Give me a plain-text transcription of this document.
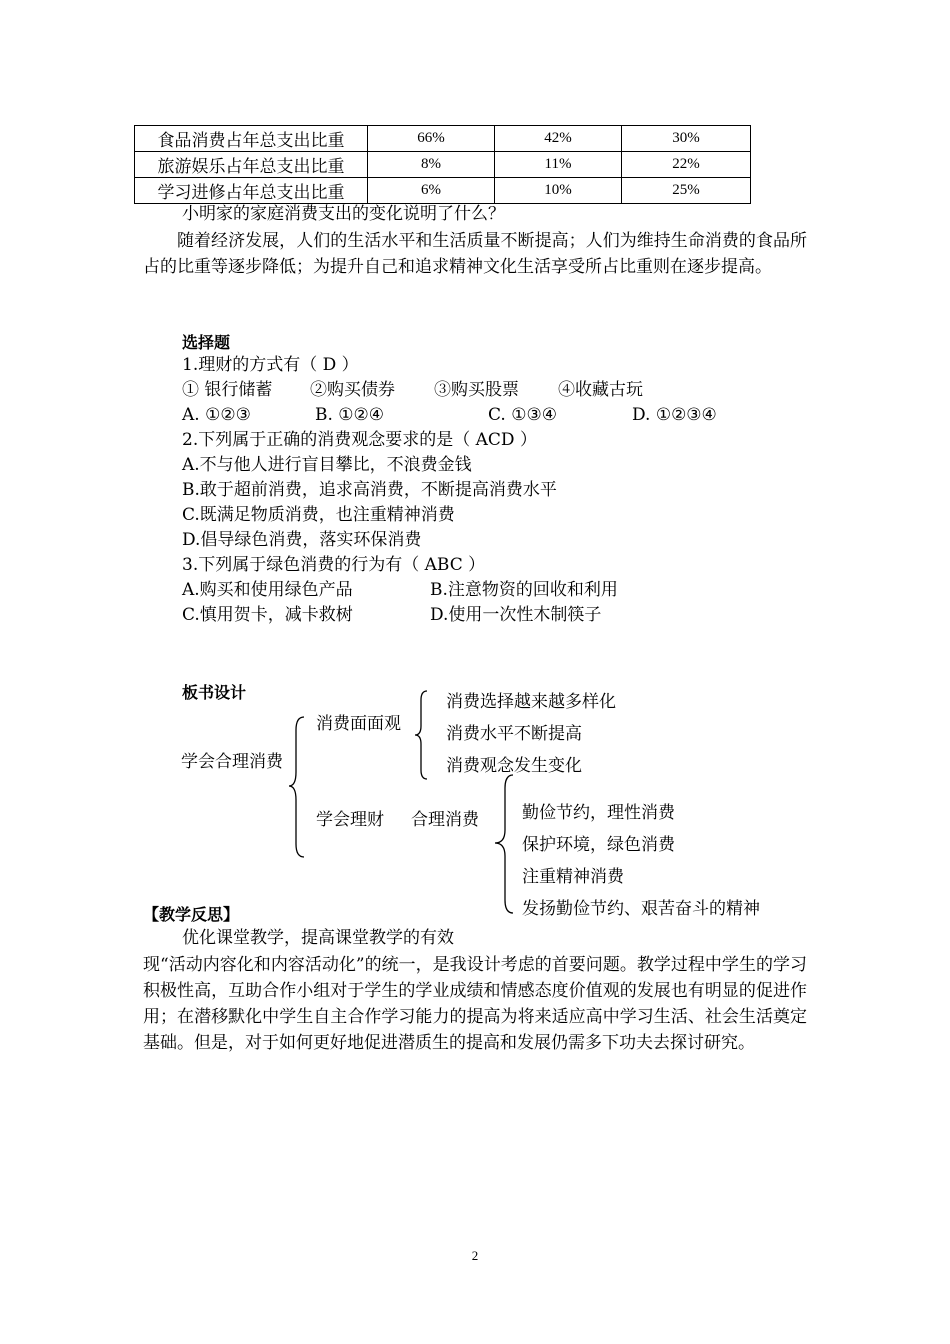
食品消费占年总支出比重	66%	42%	30%
旅游娱乐占年总支出比重	8%	11%	22%
学习进修占年总支出比重	6%	10%	25%
小明家的家庭消费支出的变化说明了什么？
随着经济发展，人们的生活水平和生活质量不断提高；人们为维持生命消费的食品所占的比重等逐步降低；为提升自己和追求精神文化生活享受所占比重则在逐步提高。
选择题
1.理财的方式有（ D ）
① 银行储蓄 ②购买债券 ③购买股票 ④收藏古玩
A. ①②③	B. ①②④	C. ①③④	D. ①②③④
2.下列属于正确的消费观念要求的是（ ACD ）
A.不与他人进行盲目攀比，不浪费金钱
B.敢于超前消费，追求高消费，不断提高消费水平
C.既满足物质消费，也注重精神消费
D.倡导绿色消费，落实环保消费
3.下列属于绿色消费的行为有（ ABC ）
A.购买和使用绿色产品	B.注意物资的回收和利用
C.慎用贺卡，减卡救树	D.使用一次性木制筷子
板书设计
学会合理消费
消费面面观
消费选择越来越多样化
消费水平不断提高
消费观念发生变化
学会理财 合理消费	勤俭节约，理性消费
保护环境，绿色消费
注重精神消费
发扬勤俭节约、艰苦奋斗的精神
【教学反思】
优化课堂教学，提高课堂教学的有效
现“活动内容化和内容活动化”的统一，是我设计考虑的首要问题。教学过程中学生的学习积极性高，互助合作小组对于学生的学业成绩和情感态度价值观的发展也有明显的促进作用；在潜移默化中学生自主合作学习能力的提高为将来适应高中学习生活、社会生活奠定基础。但是，对于如何更好地促进潜质生的提高和发展仍需多下功夫去探讨研究。
2
